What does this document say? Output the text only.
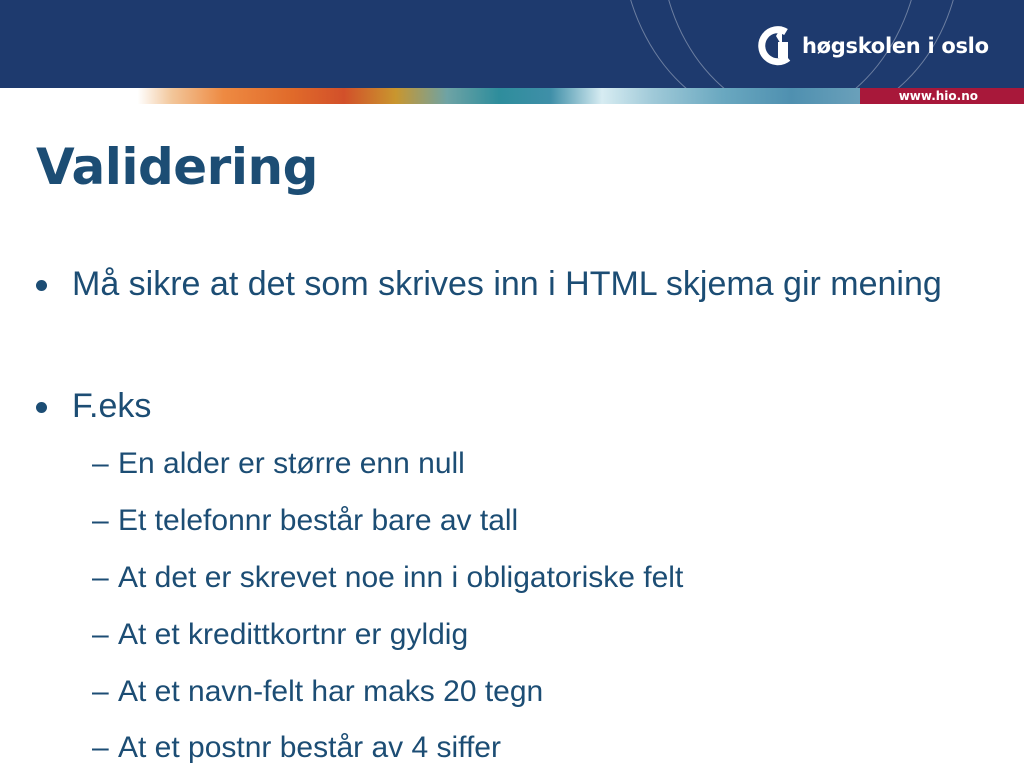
høgskolen i oslo
www.hio.no
Validering
Må sikre at det som skrives inn i HTML skjema gir mening
F.eks
– En alder er større enn null
– Et telefonnr består bare av tall
– At det er skrevet noe inn i obligatoriske felt
– At et kredittkortnr er gyldig
– At et navn-felt har maks 20 tegn
– At et postnr består av 4 siffer
